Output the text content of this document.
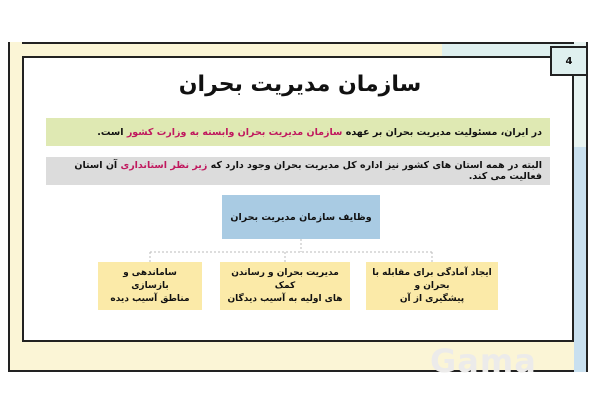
4
سازمان مدیریت بحران
در ایران، مسئولیت مدیریت بحران بر عهده سازمان مدیریت بحران وابسته به وزارت کشور است.
البته در همه استان های کشور نیز اداره کل مدیریت بحران وجود دارد که زیر نظر استانداری آن استان فعالیت می کند.
وظایف سازمان مدیریت بحران
ایجاد آمادگی برای مقابله با بحران و
پیشگیری از آن
مدیریت بحران و رساندن کمک
های اولیه به آسیب دیدگان
ساماندهی و بازسازی
مناطق آسیب دیده
Gama
